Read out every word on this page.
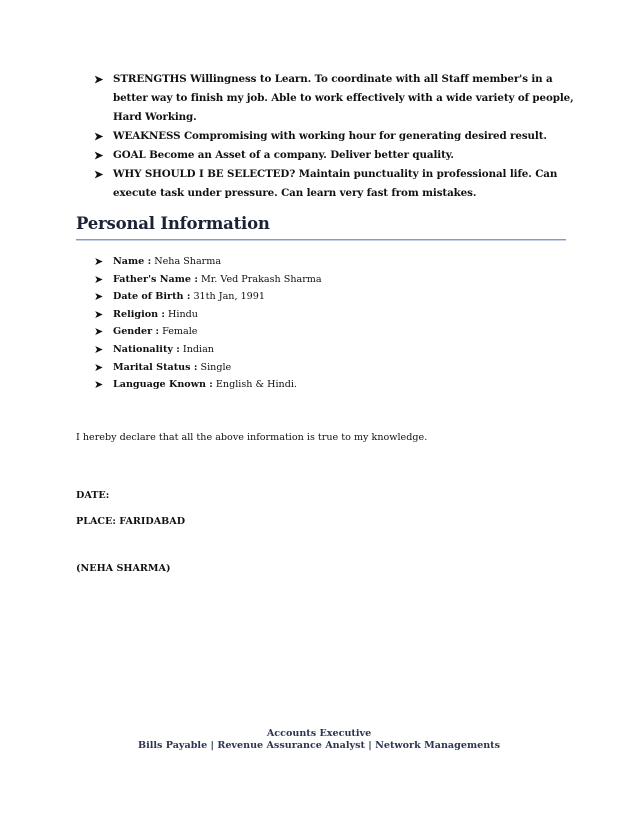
➤ STRENGTHS Willingness to Learn. To coordinate with all Staff member's in a better way to finish my job. Able to work effectively with a wide variety of people, Hard Working.
➤ WEAKNESS Compromising with working hour for generating desired result.
➤ GOAL Become an Asset of a company. Deliver better quality.
➤ WHY SHOULD I BE SELECTED? Maintain punctuality in professional life. Can execute task under pressure. Can learn very fast from mistakes.
Personal Information
➤ Name : Neha Sharma
➤ Father's Name : Mr. Ved Prakash Sharma
➤ Date of Birth : 31th Jan, 1991
➤ Religion : Hindu
➤ Gender : Female
➤ Nationality : Indian
➤ Marital Status : Single
➤ Language Known : English & Hindi.
I hereby declare that all the above information is true to my knowledge.
DATE:
PLACE: FARIDABAD
(NEHA SHARMA)
Accounts Executive
Bills Payable | Revenue Assurance Analyst | Network Managements
